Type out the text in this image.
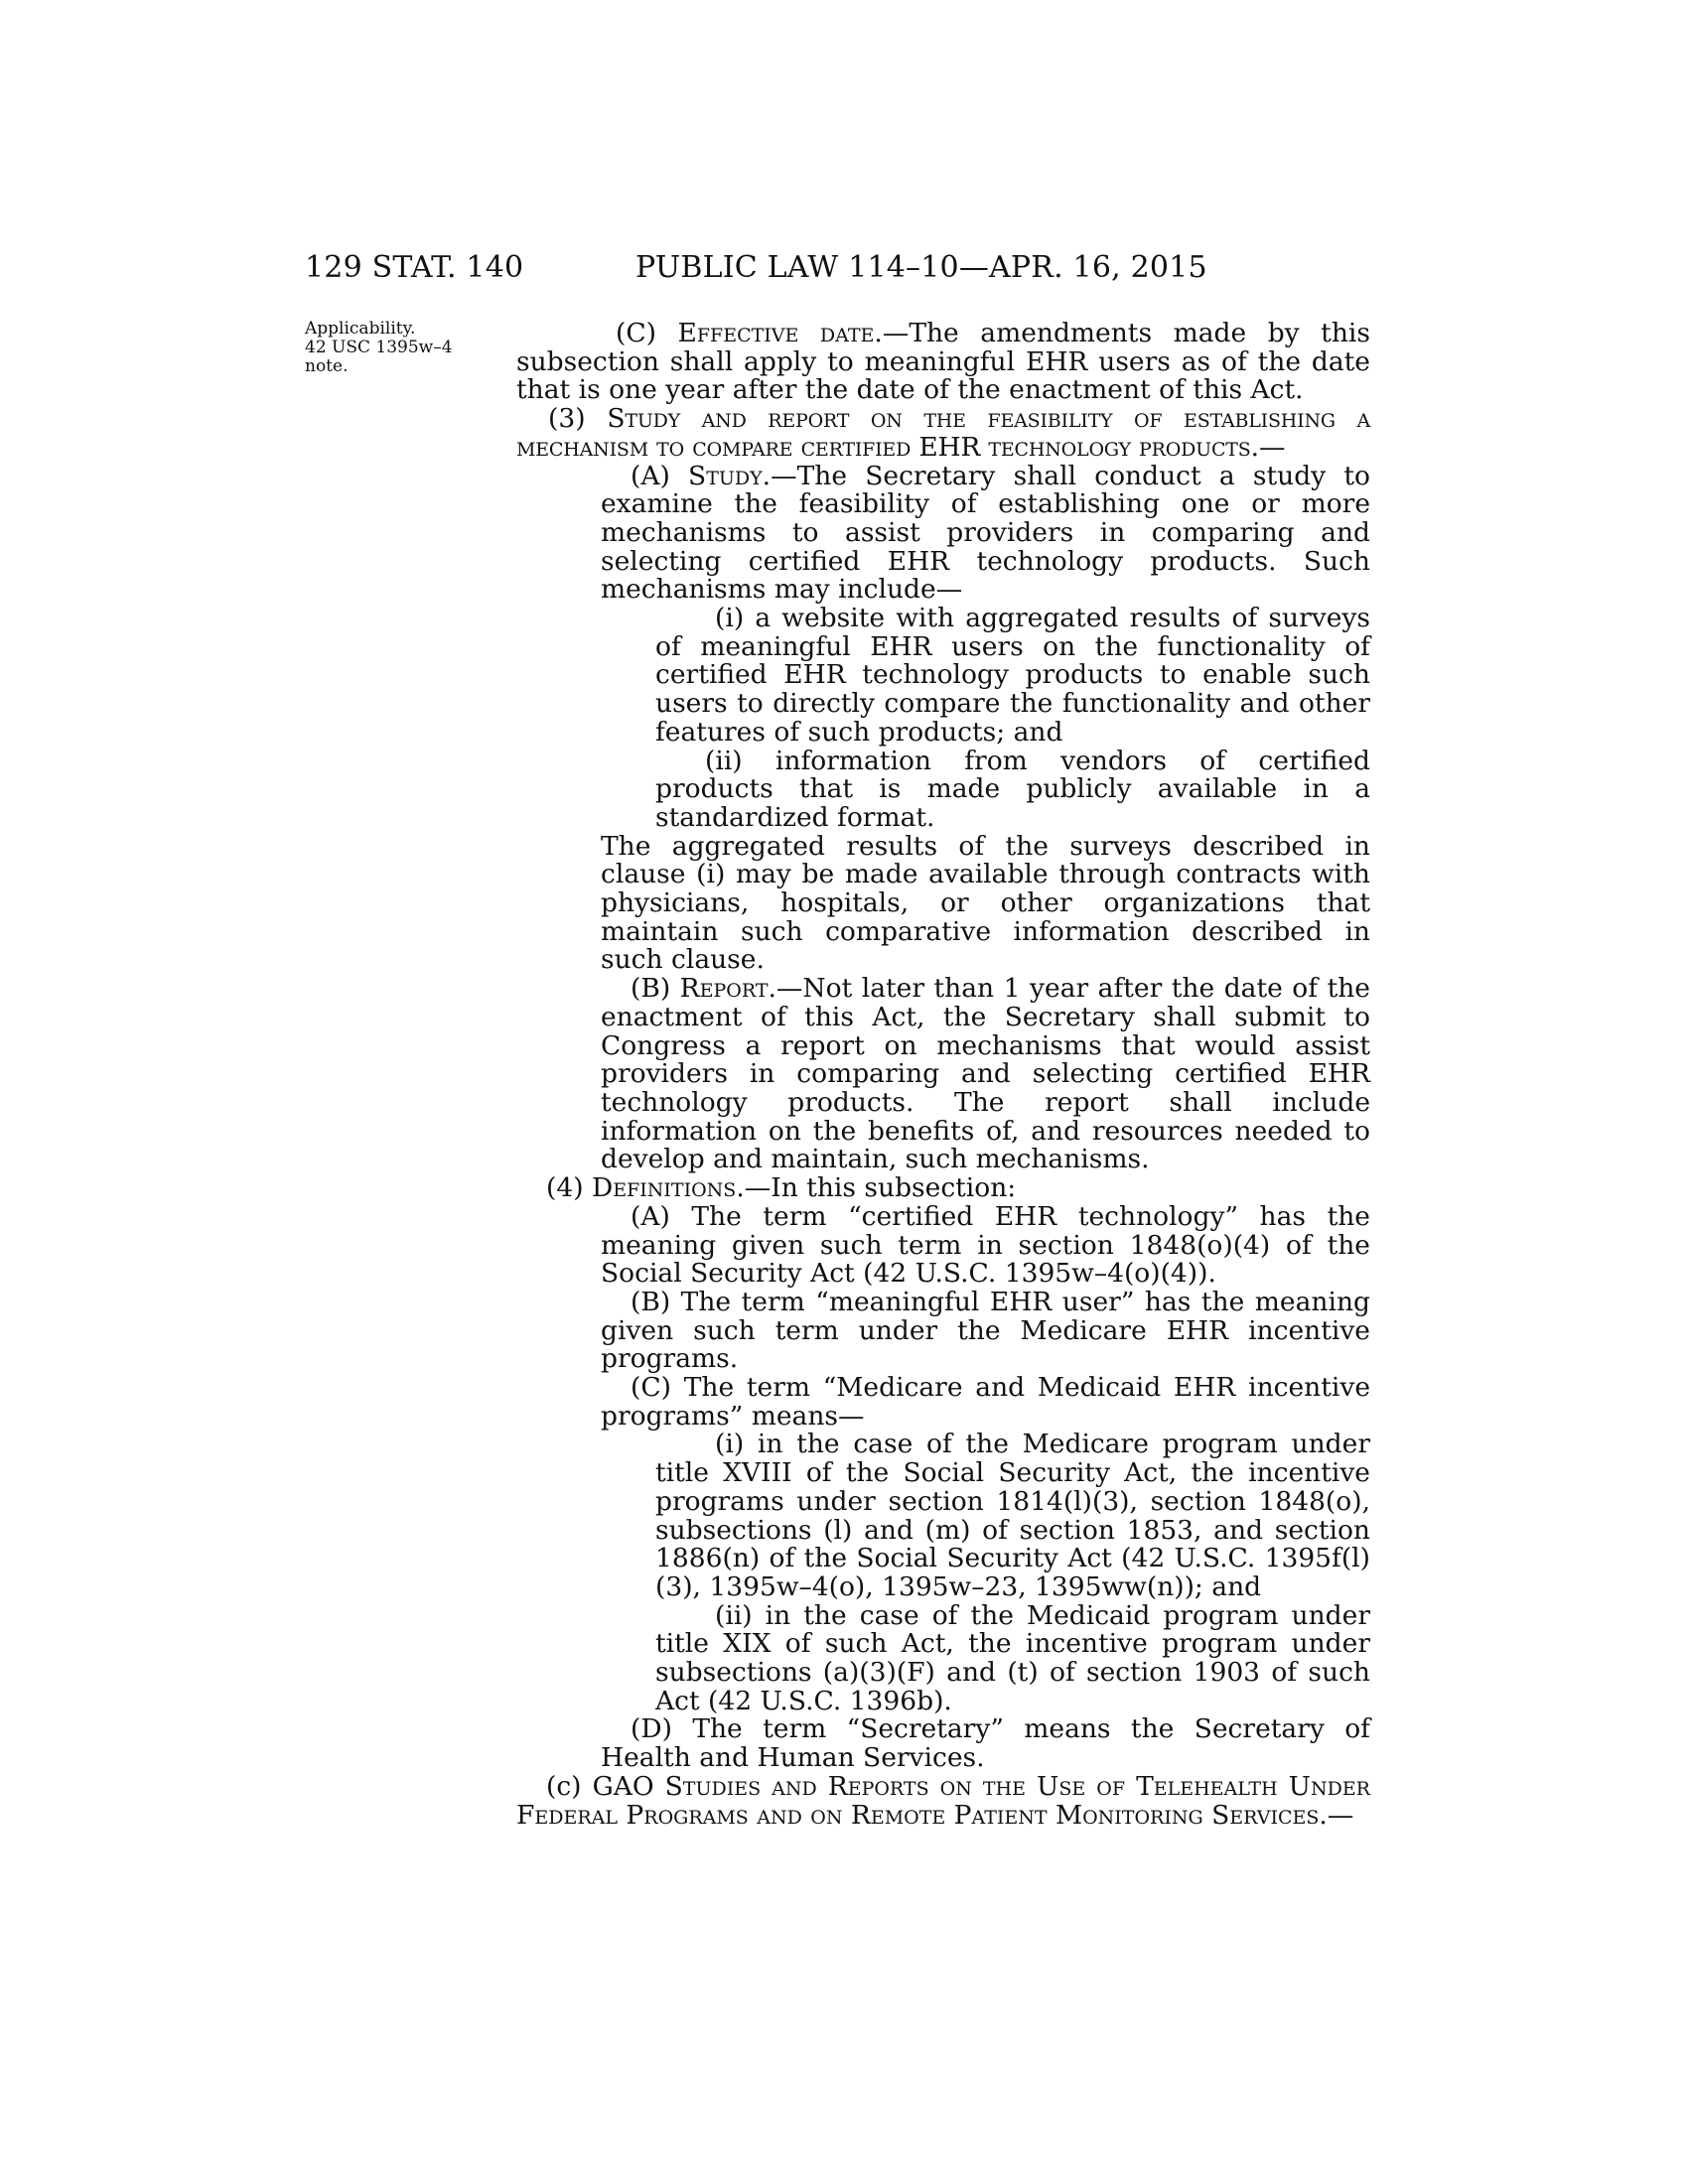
129 STAT. 140	PUBLIC LAW 114–10—APR. 16, 2015
Applicability.
42 USC 1395w–4
note.

(C) Effective date.—The amendments made by this subsection shall apply to meaningful EHR users as of the date that is one year after the date of the enactment of this Act.

(3) Study and report on the feasibility of establishing a mechanism to compare certified EHR technology products.—

(A) Study.—The Secretary shall conduct a study to examine the feasibility of establishing one or more mechanisms to assist providers in comparing and selecting certified EHR technology products. Such mechanisms may include—

(i) a website with aggregated results of surveys of meaningful EHR users on the functionality of certified EHR technology products to enable such users to directly compare the functionality and other features of such products; and

(ii) information from vendors of certified products that is made publicly available in a standardized format.

The aggregated results of the surveys described in clause (i) may be made available through contracts with physicians, hospitals, or other organizations that maintain such comparative information described in such clause.

(B) Report.—Not later than 1 year after the date of the enactment of this Act, the Secretary shall submit to Congress a report on mechanisms that would assist providers in comparing and selecting certified EHR technology products. The report shall include information on the benefits of, and resources needed to develop and maintain, such mechanisms.

(4) Definitions.—In this subsection:

(A) The term “certified EHR technology” has the meaning given such term in section 1848(o)(4) of the Social Security Act (42 U.S.C. 1395w–4(o)(4)).

(B) The term “meaningful EHR user” has the meaning given such term under the Medicare EHR incentive programs.

(C) The term “Medicare and Medicaid EHR incentive programs” means—

(i) in the case of the Medicare program under title XVIII of the Social Security Act, the incentive programs under section 1814(l)(3), section 1848(o), subsections (l) and (m) of section 1853, and section 1886(n) of the Social Security Act (42 U.S.C. 1395f(l)(3), 1395w–4(o), 1395w–23, 1395ww(n)); and

(ii) in the case of the Medicaid program under title XIX of such Act, the incentive program under subsections (a)(3)(F) and (t) of section 1903 of such Act (42 U.S.C. 1396b).

(D) The term “Secretary” means the Secretary of Health and Human Services.

(c) GAO Studies and Reports on the Use of Telehealth Under Federal Programs and on Remote Patient Monitoring Services.—
